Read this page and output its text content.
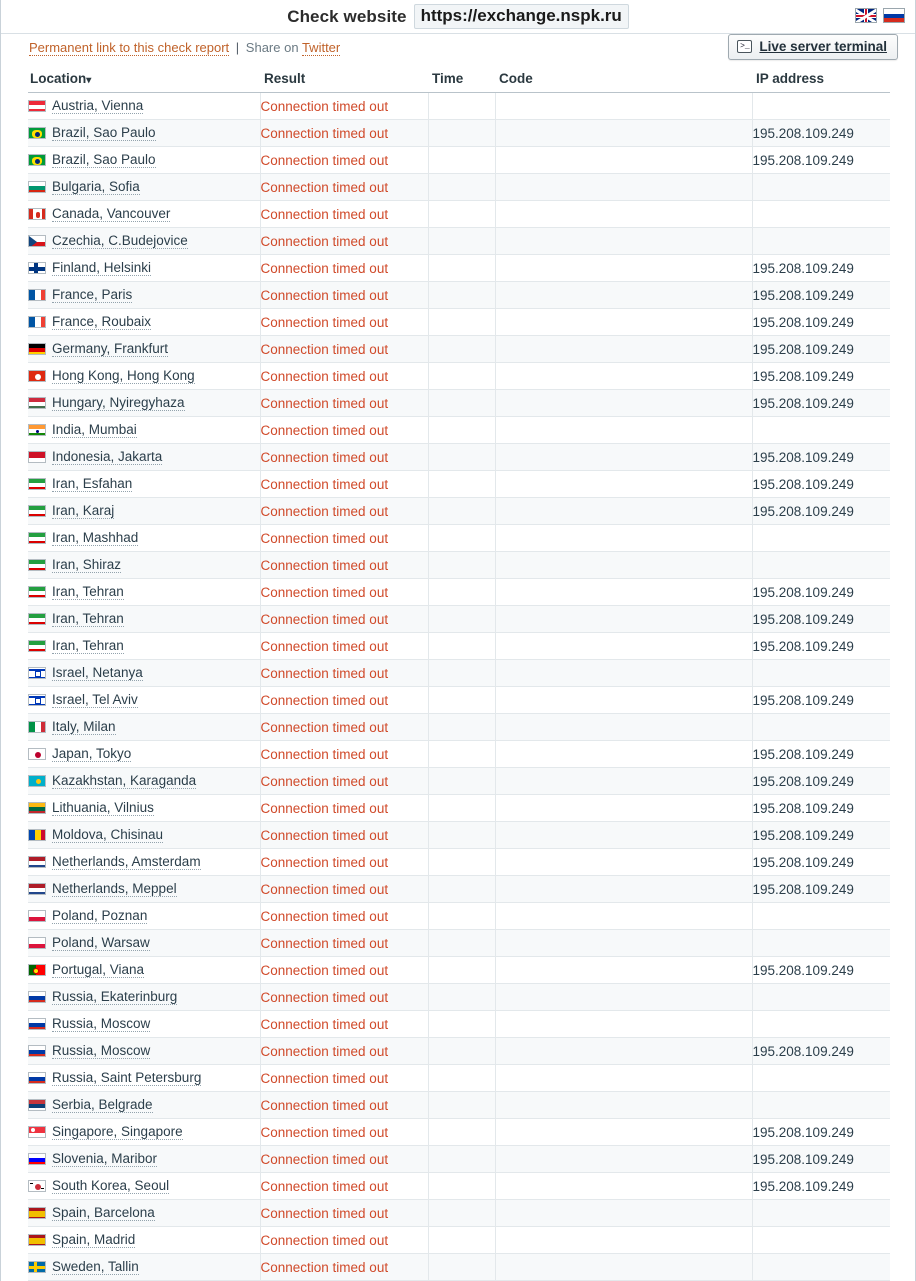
Check website https://exchange.nspk.ru
Permanent link to this check report | Share on Twitter	>_ Live server terminal
Location▾	Result	Time	Code	IP address

Austria, Vienna	Connection timed out			

Brazil, Sao Paulo	Connection timed out			195.208.109.249

Brazil, Sao Paulo	Connection timed out			195.208.109.249

Bulgaria, Sofia	Connection timed out			

Canada, Vancouver	Connection timed out			

Czechia, C.Budejovice	Connection timed out			

Finland, Helsinki	Connection timed out			195.208.109.249

France, Paris	Connection timed out			195.208.109.249

France, Roubaix	Connection timed out			195.208.109.249

Germany, Frankfurt	Connection timed out			195.208.109.249

Hong Kong, Hong Kong	Connection timed out			195.208.109.249

Hungary, Nyiregyhaza	Connection timed out			195.208.109.249

India, Mumbai	Connection timed out			

Indonesia, Jakarta	Connection timed out			195.208.109.249

Iran, Esfahan	Connection timed out			195.208.109.249

Iran, Karaj	Connection timed out			195.208.109.249

Iran, Mashhad	Connection timed out			

Iran, Shiraz	Connection timed out			

Iran, Tehran	Connection timed out			195.208.109.249

Iran, Tehran	Connection timed out			195.208.109.249

Iran, Tehran	Connection timed out			195.208.109.249

Israel, Netanya	Connection timed out			

Israel, Tel Aviv	Connection timed out			195.208.109.249

Italy, Milan	Connection timed out			

Japan, Tokyo	Connection timed out			195.208.109.249

Kazakhstan, Karaganda	Connection timed out			195.208.109.249

Lithuania, Vilnius	Connection timed out			195.208.109.249

Moldova, Chisinau	Connection timed out			195.208.109.249

Netherlands, Amsterdam	Connection timed out			195.208.109.249

Netherlands, Meppel	Connection timed out			195.208.109.249

Poland, Poznan	Connection timed out			

Poland, Warsaw	Connection timed out			

Portugal, Viana	Connection timed out			195.208.109.249

Russia, Ekaterinburg	Connection timed out			

Russia, Moscow	Connection timed out			

Russia, Moscow	Connection timed out			195.208.109.249

Russia, Saint Petersburg	Connection timed out			

Serbia, Belgrade	Connection timed out			

Singapore, Singapore	Connection timed out			195.208.109.249

Slovenia, Maribor	Connection timed out			195.208.109.249

South Korea, Seoul	Connection timed out			195.208.109.249

Spain, Barcelona	Connection timed out			

Spain, Madrid	Connection timed out			

Sweden, Tallin	Connection timed out			
